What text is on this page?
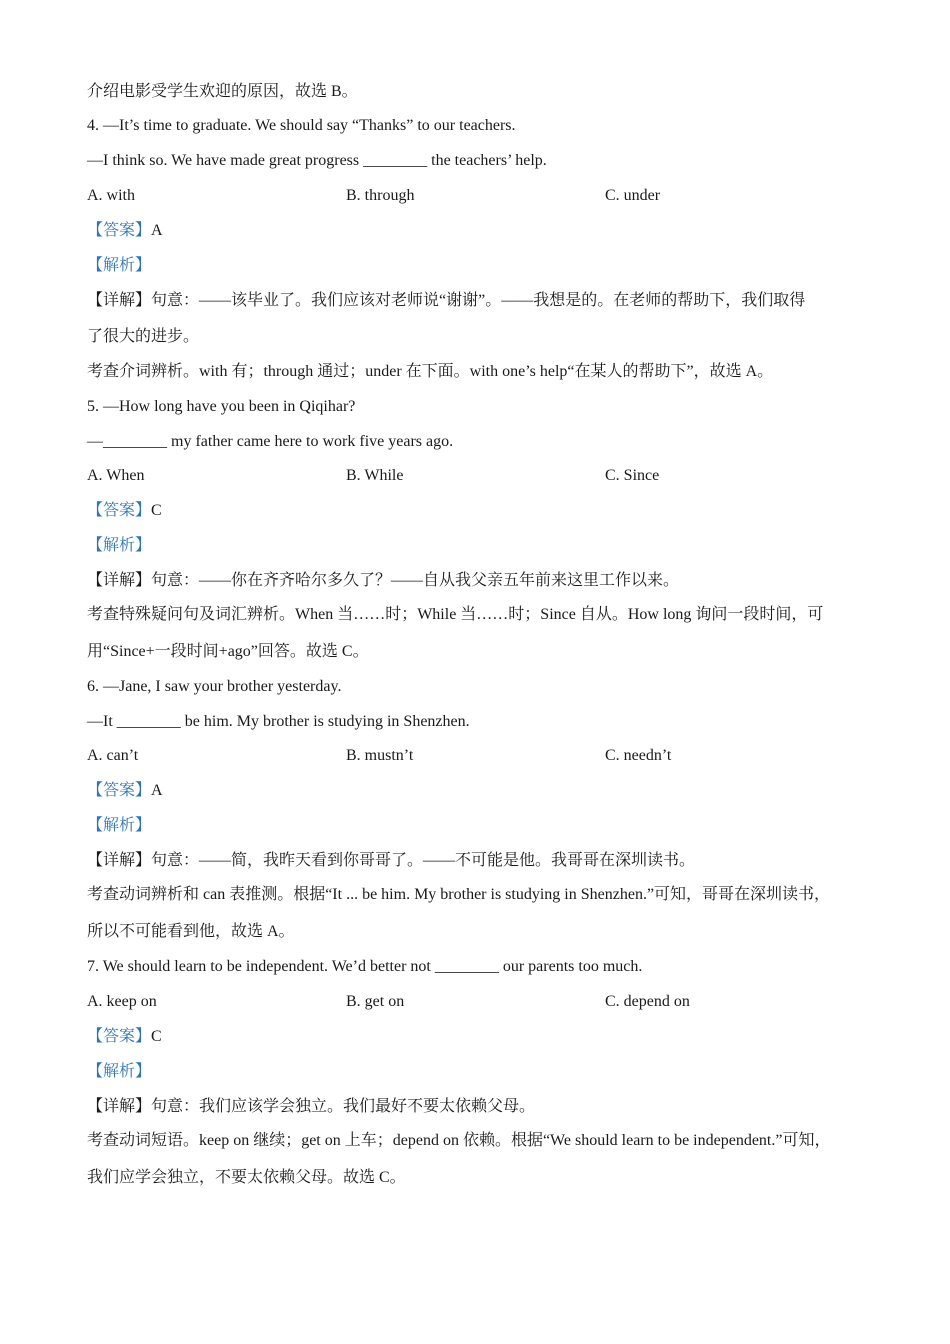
介绍电影受学生欢迎的原因，故选 B。
4. —It’s time to graduate. We should say “Thanks” to our teachers.
—I think so. We have made great progress ________ the teachers’ help.
A. with	B. through	C. under
【答案】A
【解析】
【详解】句意：——该毕业了。我们应该对老师说“谢谢”。——我想是的。在老师的帮助下，我们取得
了很大的进步。
考查介词辨析。with 有；through 通过；under 在下面。with one’s help“在某人的帮助下”，故选 A。
5. —How long have you been in Qiqihar?
—________ my father came here to work five years ago.
A. When	B. While	C. Since
【答案】C
【解析】
【详解】句意：——你在齐齐哈尔多久了？——自从我父亲五年前来这里工作以来。
考查特殊疑问句及词汇辨析。When 当……时；While 当……时；Since 自从。How long 询问一段时间，可
用“Since+一段时间+ago”回答。故选 C。
6. —Jane, I saw your brother yesterday.
—It ________ be him. My brother is studying in Shenzhen.
A. can’t	B. mustn’t	C. needn’t
【答案】A
【解析】
【详解】句意：——简，我昨天看到你哥哥了。——不可能是他。我哥哥在深圳读书。
考查动词辨析和 can 表推测。根据“It ... be him. My brother is studying in Shenzhen.”可知，哥哥在深圳读书，
所以不可能看到他，故选 A。
7. We should learn to be independent. We’d better not ________ our parents too much.
A. keep on	B. get on	C. depend on
【答案】C
【解析】
【详解】句意：我们应该学会独立。我们最好不要太依赖父母。
考查动词短语。keep on 继续；get on 上车；depend on 依赖。根据“We should learn to be independent.”可知，
我们应学会独立，不要太依赖父母。故选 C。
